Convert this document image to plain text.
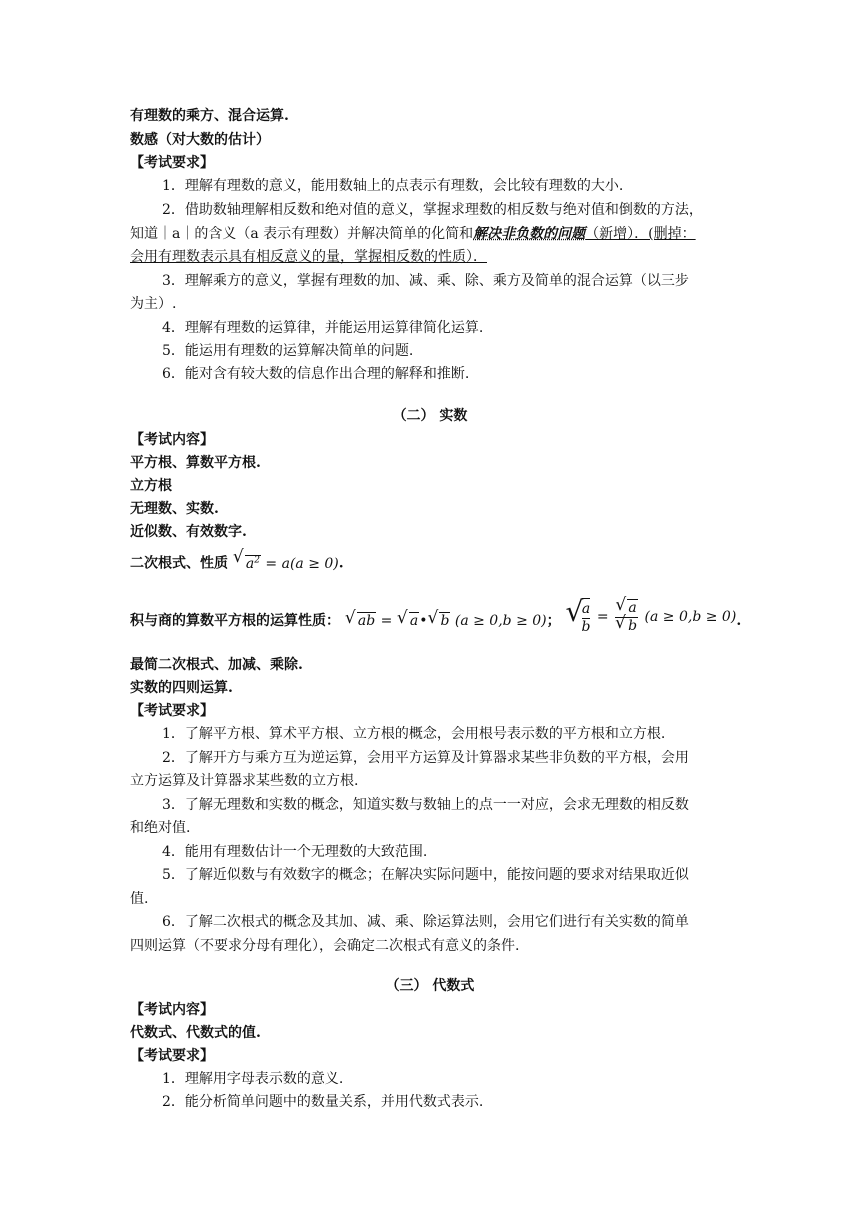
有理数的乘方、混合运算.
数感（对大数的估计）
【考试要求】
1．理解有理数的意义，能用数轴上的点表示有理数，会比较有理数的大小.
2．借助数轴理解相反数和绝对值的意义，掌握求理数的相反数与绝对值和倒数的方法，
知道｜a｜的含义（a 表示有理数）并解决简单的化简和解决非负数的问题（新增）．(删掉：
会用有理数表示具有相反意义的量，掌握相反数的性质）．
3．理解乘方的意义，掌握有理数的加、减、乘、除、乘方及简单的混合运算（以三步
为主）.
4．理解有理数的运算律，并能运用运算律简化运算.
5．能运用有理数的运算解决简单的问题.
6．能对含有较大数的信息作出合理的解释和推断.
（二） 实数
【考试内容】
平方根、算数平方根.
立方根
无理数、实数.
近似数、有效数字.
二次根式、性质 √ $a^2 = a(a \ge 0)$.
积与商的算数平方根的运算性质： √ ab = √ a• √ b (a ≥ 0,b ≥ 0)； √ $\frac{a}{b}$ = √ a
√ b (a ≥ 0,b ≥ 0).
最简二次根式、加减、乘除.
实数的四则运算.
【考试要求】
1．了解平方根、算术平方根、立方根的概念，会用根号表示数的平方根和立方根.
2．了解开方与乘方互为逆运算，会用平方运算及计算器求某些非负数的平方根，会用
立方运算及计算器求某些数的立方根.
3．了解无理数和实数的概念，知道实数与数轴上的点一一对应，会求无理数的相反数
和绝对值.
4．能用有理数估计一个无理数的大致范围.
5．了解近似数与有效数字的概念；在解决实际问题中，能按问题的要求对结果取近似
值.
6．了解二次根式的概念及其加、减、乘、除运算法则，会用它们进行有关实数的简单
四则运算（不要求分母有理化），会确定二次根式有意义的条件.
（三） 代数式
【考试内容】
代数式、代数式的值.
【考试要求】
1．理解用字母表示数的意义.
2．能分析简单问题中的数量关系，并用代数式表示.
